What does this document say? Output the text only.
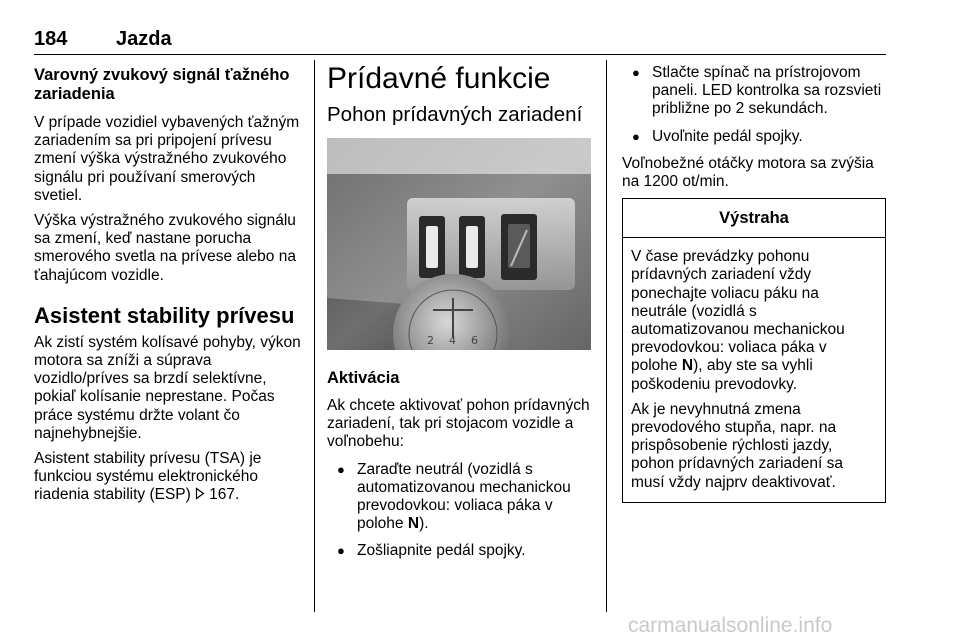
184 Jazda
Varovný zvukový signál ťažného zariadenia
V prípade vozidiel vybavených ťažným zariadením sa pri pripojení prívesu zmení výška výstražného zvukového signálu pri používaní smerových svetiel.
Výška výstražného zvukového signálu sa zmení, keď nastane porucha smerového svetla na prívese alebo na ťahajúcom vozidle.
Asistent stability prívesu
Ak zistí systém kolísavé pohyby, výkon motora sa zníži a súprava vozidlo/príves sa brzdí selektívne, pokiaľ kolísanie neprestane. Počas práce systému držte volant čo najnehybnejšie.
Asistent stability prívesu (TSA) je funkciou systému elektronického riadenia stability (ESP) 167.
Prídavné funkcie
Pohon prídavných zariadení
2 4 6
Aktivácia
Ak chcete aktivovať pohon prídavných zariadení, tak pri stojacom vozidle a voľnobehu:
● Zaraďte neutrál (vozidlá s automatizovanou mechanickou prevodovkou: voliaca páka v polohe N).
● Zošliapnite pedál spojky.
● Stlačte spínač na prístrojovom paneli. LED kontrolka sa rozsvieti približne po 2 sekundách.
● Uvoľnite pedál spojky.
Voľnobežné otáčky motora sa zvýšia na 1200 ot/min.
Výstraha
V čase prevádzky pohonu prídavných zariadení vždy ponechajte voliacu páku na neutrále (vozidlá s automatizovanou mechanickou prevodovkou: voliaca páka v polohe N), aby ste sa vyhli poškodeniu prevodovky.
Ak je nevyhnutná zmena prevodového stupňa, napr. na prispôsobenie rýchlosti jazdy, pohon prídavných zariadení sa musí vždy najprv deaktivovať.
carmanualsonline.info
